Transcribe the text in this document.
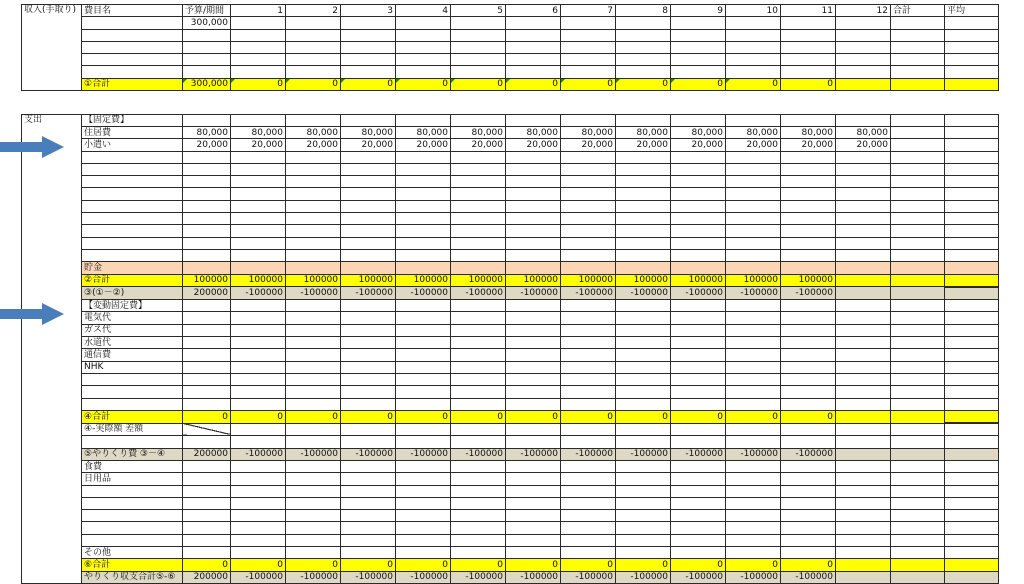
収入(手取り)	費目名	予算/期間	1	2	3	4	5	6	7	8	9	10	11	12	合計	平均
		300,000														

	①合計	300,000	0	0	0	0	0	0	0	0	0	0	0			

支出	【固定費】															
	住居費	80,000	80,000	80,000	80,000	80,000	80,000	80,000	80,000	80,000	80,000	80,000	80,000	80,000		
	小遣い	20,000	20,000	20,000	20,000	20,000	20,000	20,000	20,000	20,000	20,000	20,000	20,000	20,000		

	貯金															
	②合計	100000	100000	100000	100000	100000	100000	100000	100000	100000	100000	100000	100000			
	③(①－②)	200000	-100000	-100000	-100000	-100000	-100000	-100000	-100000	-100000	-100000	-100000	-100000			
	【変動固定費】															
	電気代															
	ガス代															
	水道代															
	通信費															
	NHK															

	④合計	0	0	0	0	0	0	0	0	0	0	0	0			
	④-実際額 差額															

	⑤やりくり費 ③－④	200000	-100000	-100000	-100000	-100000	-100000	-100000	-100000	-100000	-100000	-100000	-100000			
	食費															
	日用品															

	その他															
	⑥合計	0	0	0	0	0	0	0	0	0	0	0	0			
	やりくり収支合計⑤-⑥	200000	-100000	-100000	-100000	-100000	-100000	-100000	-100000	-100000	-100000	-100000	-100000			
